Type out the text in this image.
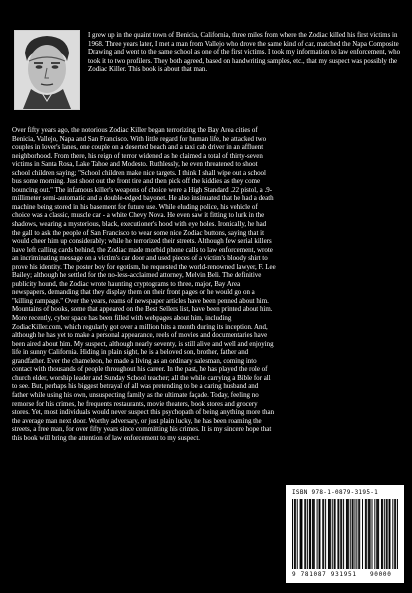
I grew up in the quaint town of Benicia, California, three miles from where the Zodiac killed his first victims in 1968. Three years later, I met a man from Vallejo who drove the same kind of car, matched the Napa Composite Drawing and went to the same school as one of the first victims. I took my information to law enforcement, who took it to two profilers. They both agreed, based on handwriting samples, etc., that my suspect was possibly the Zodiac Killer. This book is about that man.

Over fifty years ago, the notorious Zodiac Killer began terrorizing the Bay Area cities of Benicia, Vallejo, Napa and San Francisco. With little regard for human life, he attacked two couples in lover's lanes, one couple on a deserted beach and a taxi cab driver in an affluent neighborhood. From there, his reign of terror widened as he claimed a total of thirty-seven victims in Santa Rosa, Lake Tahoe and Modesto. Ruthlessly, he even threatened to shoot school children saying; "School children make nice targets. I think I shall wipe out a school bus some morning. Just shoot out the front tire and then pick off the kiddies as they come bouncing out." The infamous killer's weapons of choice were a High Standard .22 pistol, a .9-millimeter semi-automatic and a double-edged bayonet. He also insinuated that he had a death machine being stored in his basement for future use. While eluding police, his vehicle of choice was a classic, muscle car - a white Chevy Nova. He even saw it fitting to lurk in the shadows, wearing a mysterious, black, executioner's hood with eye holes. Ironically, he had the gall to ask the people of San Francisco to wear some nice Zodiac buttons, saying that it would cheer him up considerably; while he terrorized their streets. Although few serial killers have left calling cards behind, the Zodiac made morbid phone calls to law enforcement, wrote an incriminating message on a victim's car door and used pieces of a victim's bloody shirt to prove his identity. The poster boy for egotism, he requested the world-renowned lawyer, F. Lee Bailey; although he settled for the no-less-acclaimed attorney, Melvin Beli. The definitive publicity hound, the Zodiac wrote haunting cryptograms to three, major, Bay Area newspapers, demanding that they display them on their front pages or he would go on a "killing rampage." Over the years, reams of newspaper articles have been penned about him. Mountains of books, some that appeared on the Best Sellers list, have been printed about him. More recently, cyber space has been filled with webpages about him, including ZodiacKiller.com, which regularly got over a million hits a month during its inception. And, although he has yet to make a personal appearance, reels of movies and documentaries have been aired about him. My suspect, although nearly seventy, is still alive and well and enjoying life in sunny California. Hiding in plain sight, he is a beloved son, brother, father and grandfather. Ever the chameleon, he made a living as an ordinary salesman, coming into contact with thousands of people throughout his career. In the past, he has played the role of church elder, worship leader and Sunday School teacher; all the while carrying a Bible for all to see. But, perhaps his biggest betrayal of all was pretending to be a caring husband and father while using his own, unsuspecting family as the ultimate façade. Today, feeling no remorse for his crimes, he frequents restaurants, movie theaters, book stores and grocery stores. Yet, most individuals would never suspect this psychopath of being anything more than the average man next door. Worthy adversary, or just plain lucky, he has been roaming the streets, a free man, for over fifty years since committing his crimes. It is my sincere hope that this book will bring the attention of law enforcement to my suspect.

ISBN 978-1-0879-3195-1
9 781087 931951	90000
